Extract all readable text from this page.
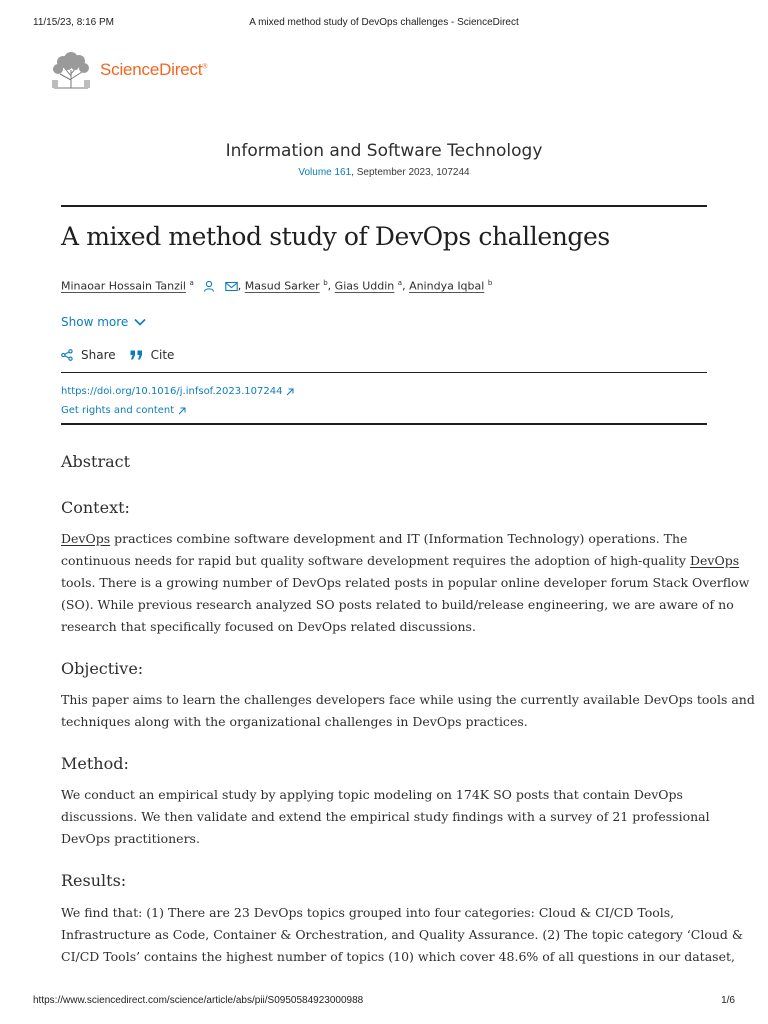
11/15/23, 8:16 PM	A mixed method study of DevOps challenges - ScienceDirect
ScienceDirect®
Information and Software Technology
Volume 161, September 2023, 107244
A mixed method study of DevOps challenges
Minaoar Hossain Tanzil $^a$	, Masud Sarker $^b$, Gias Uddin $^a$, Anindya Iqbal $^b$
Show more
Share	Cite
https://doi.org/10.1016/j.infsof.2023.107244
Get rights and content
Abstract
Context:
DevOps practices combine software development and IT (Information Technology) operations. The
continuous needs for rapid but quality software development requires the adoption of high-quality DevOps
tools. There is a growing number of DevOps related posts in popular online developer forum Stack Overflow
(SO). While previous research analyzed SO posts related to build/release engineering, we are aware of no
research that specifically focused on DevOps related discussions.
Objective:
This paper aims to learn the challenges developers face while using the currently available DevOps tools and
techniques along with the organizational challenges in DevOps practices.
Method:
We conduct an empirical study by applying topic modeling on 174K SO posts that contain DevOps
discussions. We then validate and extend the empirical study findings with a survey of 21 professional
DevOps practitioners.
Results:
We find that: (1) There are 23 DevOps topics grouped into four categories: Cloud & CI/CD Tools,
Infrastructure as Code, Container & Orchestration, and Quality Assurance. (2) The topic category ‘Cloud &
CI/CD Tools’ contains the highest number of topics (10) which cover 48.6% of all questions in our dataset,
https://www.sciencedirect.com/science/article/abs/pii/S0950584923000988	1/6
